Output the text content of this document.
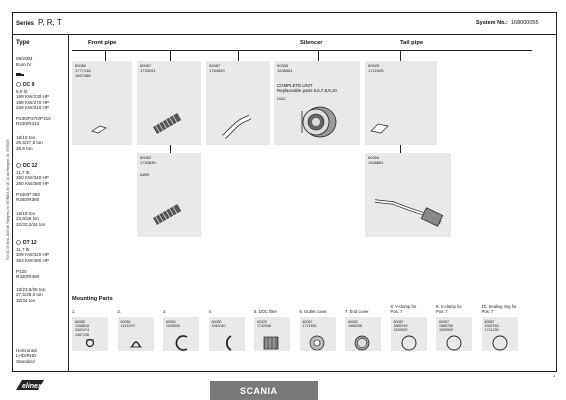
Series P, R, T	System No.: 168000055
Für DC 09 Mod. 2009 ab Fahrgest.-Nr. 5578003, für DC 12 ab Fahrgest.-Nr. 5578003
Type
09/2004
Euro IV
DC 9
8,9 ltr.
169 KW/230 HP
198 KW/270 HP
228 KW/310 HP
P230/P270/P310
R230/R310
18/19 ton
26,5/27,5 ton
28,5 ton
DC 12
11,7 ltr.
250 KW/340 HP
280 KW/380 HP
P340/P 380
R340/R380
18/19 ton
23,8/26 ton
32/33,2/34 ton
DT 12
11,7 ltr.
309 KW/420 HP
353 KW/480 HP
P420
R420/R480
18/23,8/26 ton
27,5/28,5 ton
32/34 ton
Horizontal
LHD/RHD
Standard
Front pipe	Silencer	Tail pipe
60080
1777146
1847488
60087
1733291
60087
1764849
60339
1538561
COMPLETE UNIT
Replaceable parts 5,6,7,8,9,10
DOC
60629
1722405
60082
1753839
AWD
60054
1548861
Mounting Parts
1.
60085
1358818
3422474
1387138
2.
60080
1421579
3.
60081
1545030
4.
60080
1541040
5. DOC filter
60320
1742546
6. Outlet cover
60087
1721634
7. End cover
60082
1886256
8. V-clamp for
Pos. 7
60087
1885749
1539902
9. V-clamp for
Pos. 7
60087
1885750
1539909
10. Sealing ring for
Pos. 7
60087
1925748
1731295
SCANIA
elinex
1
